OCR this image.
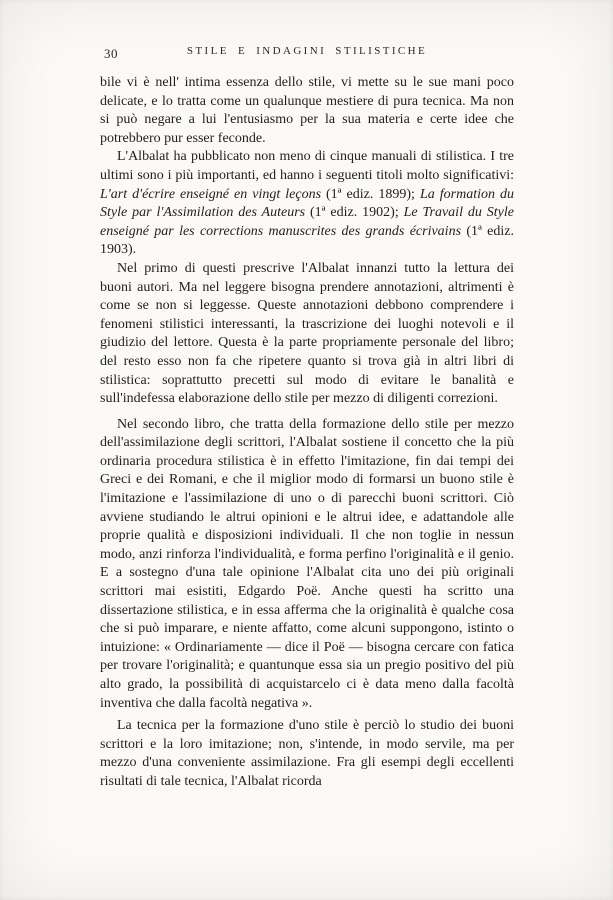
30	STILE E INDAGINI STILISTICHE

bile vi è nell' intima essenza dello stile, vi mette su le sue mani poco delicate, e lo tratta come un qualunque mestiere di pura tecnica. Ma non si può negare a lui l'entusiasmo per la sua materia e certe idee che potrebbero pur esser feconde.

L'Albalat ha pubblicato non meno di cinque manuali di stilistica. I tre ultimi sono i più importanti, ed hanno i seguenti titoli molto significativi: L'art d'écrire enseigné en vingt leçons (1ª ediz. 1899); La formation du Style par l'Assimilation des Auteurs (1ª ediz. 1902); Le Travail du Style enseigné par les corrections manuscrites des grands écrivains (1ª ediz. 1903).

Nel primo di questi prescrive l'Albalat innanzi tutto la lettura dei buoni autori. Ma nel leggere bisogna prendere annotazioni, altrimenti è come se non si leggesse. Queste annotazioni debbono comprendere i fenomeni stilistici interessanti, la trascrizione dei luoghi notevoli e il giudizio del lettore. Questa è la parte propriamente personale del libro; del resto esso non fa che ripetere quanto si trova già in altri libri di stilistica: soprattutto precetti sul modo di evitare le banalità e sull'indefessa elaborazione dello stile per mezzo di diligenti correzioni.

Nel secondo libro, che tratta della formazione dello stile per mezzo dell'assimilazione degli scrittori, l'Albalat sostiene il concetto che la più ordinaria procedura stilistica è in effetto l'imitazione, fin dai tempi dei Greci e dei Romani, e che il miglior modo di formarsi un buono stile è l'imitazione e l'assimilazione di uno o di parecchi buoni scrittori. Ciò avviene studiando le altrui opinioni e le altrui idee, e adattandole alle proprie qualità e disposizioni individuali. Il che non toglie in nessun modo, anzi rinforza l'individualità, e forma perfino l'originalità e il genio. E a sostegno d'una tale opinione l'Albalat cita uno dei più originali scrittori mai esistiti, Edgardo Poë. Anche questi ha scritto una dissertazione stilistica, e in essa afferma che la originalità è qualche cosa che si può imparare, e niente affatto, come alcuni suppongono, istinto o intuizione: « Ordinariamente — dice il Poë — bisogna cercare con fatica per trovare l'originalità; e quantunque essa sia un pregio positivo del più alto grado, la possibilità di acquistarcelo ci è data meno dalla facoltà inventiva che dalla facoltà negativa ».

La tecnica per la formazione d'uno stile è perciò lo studio dei buoni scrittori e la loro imitazione; non, s'intende, in modo servile, ma per mezzo d'una conveniente assimilazione. Fra gli esempi degli eccellenti risultati di tale tecnica, l'Albalat ricorda
